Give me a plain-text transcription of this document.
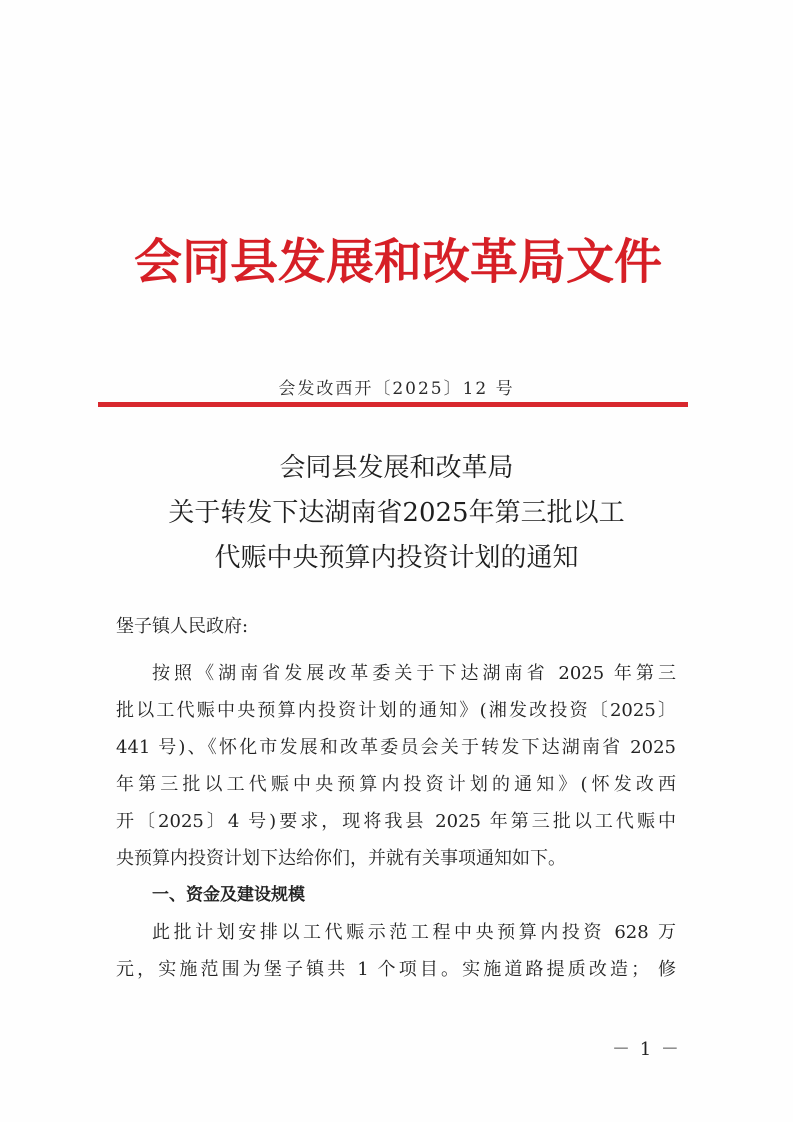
会同县发展和改革局文件
会发改西开〔2025〕12 号
会同县发展和改革局
关于转发下达湖南省2025年第三批以工
代赈中央预算内投资计划的通知
堡子镇人民政府:
按照《湖南省发展改革委关于下达湖南省 2025 年第三
批以工代赈中央预算内投资计划的通知》(湘发改投资〔2025〕
441 号)、《怀化市发展和改革委员会关于转发下达湖南省 2025
年第三批以工代赈中央预算内投资计划的通知》(怀发改西
开〔2025〕4 号)要求，现将我县 2025 年第三批以工代赈中
央预算内投资计划下达给你们，并就有关事项通知如下。
一、资金及建设规模
此批计划安排以工代赈示范工程中央预算内投资 628 万
元，实施范围为堡子镇共 1 个项目。实施道路提质改造； 修
－ 1 －
